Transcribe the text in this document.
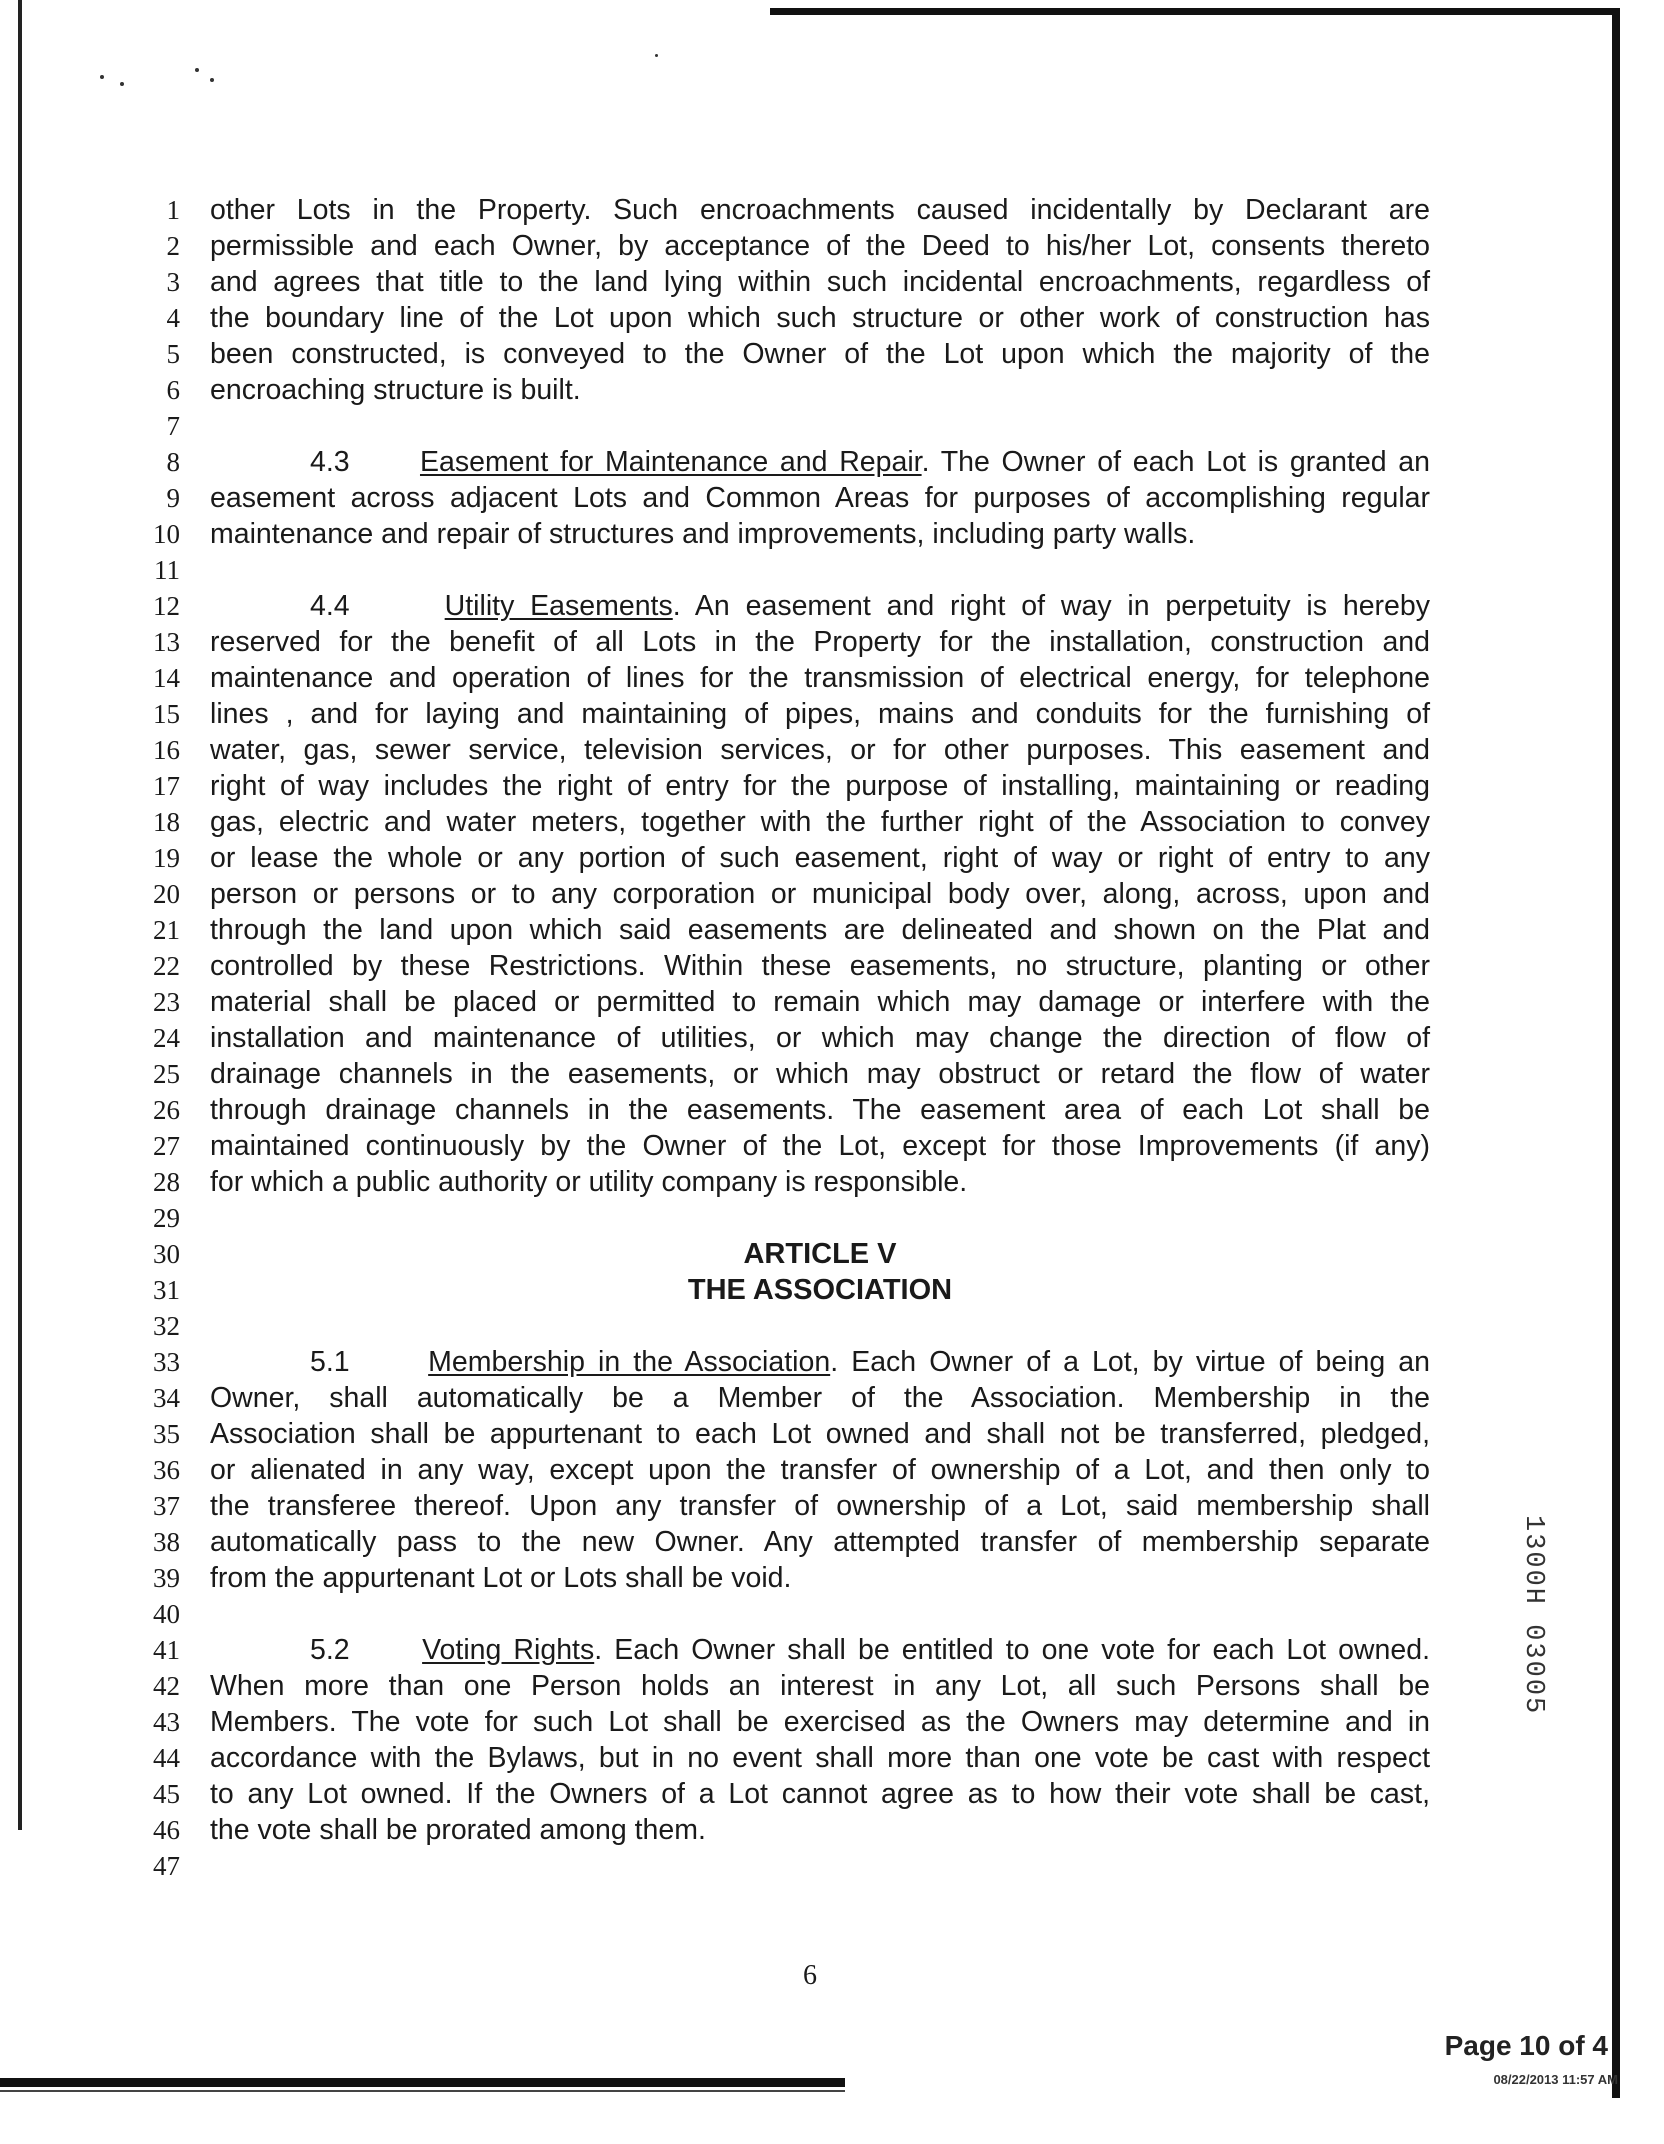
1
2
3
4
5
6
7
8
9
10
11
12
13
14
15
16
17
18
19
20
21
22
23
24
25
26
27
28
29
30
31
32
33
34
35
36
37
38
39
40
41
42
43
44
45
46
47
other Lots in the Property. Such encroachments caused incidentally by Declarant are
permissible and each Owner, by acceptance of the Deed to his/her Lot, consents thereto
and agrees that title to the land lying within such incidental encroachments, regardless of
the boundary line of the Lot upon which such structure or other work of construction has
been constructed, is conveyed to the Owner of the Lot upon which the majority of the
encroaching structure is built.
4.3 Easement for Maintenance and Repair. The Owner of each Lot is granted an
easement across adjacent Lots and Common Areas for purposes of accomplishing regular
maintenance and repair of structures and improvements, including party walls.
4.4	Utility Easements. An easement and right of way in perpetuity is hereby
reserved for the benefit of all Lots in the Property for the installation, construction and
maintenance and operation of lines for the transmission of electrical energy, for telephone
lines , and for laying and maintaining of pipes, mains and conduits for the furnishing of
water, gas, sewer service, television services, or for other purposes. This easement and
right of way includes the right of entry for the purpose of installing, maintaining or reading
gas, electric and water meters, together with the further right of the Association to convey
or lease the whole or any portion of such easement, right of way or right of entry to any
person or persons or to any corporation or municipal body over, along, across, upon and
through the land upon which said easements are delineated and shown on the Plat and
controlled by these Restrictions. Within these easements, no structure, planting or other
material shall be placed or permitted to remain which may damage or interfere with the
installation and maintenance of utilities, or which may change the direction of flow of
drainage channels in the easements, or which may obstruct or retard the flow of water
through drainage channels in the easements. The easement area of each Lot shall be
maintained continuously by the Owner of the Lot, except for those Improvements (if any)
for which a public authority or utility company is responsible.
ARTICLE V
THE ASSOCIATION
5.1	Membership in the Association. Each Owner of a Lot, by virtue of being an
Owner, shall automatically be a Member of the Association. Membership in the
Association shall be appurtenant to each Lot owned and shall not be transferred, pledged,
or alienated in any way, except upon the transfer of ownership of a Lot, and then only to
the transferee thereof. Upon any transfer of ownership of a Lot, said membership shall
automatically pass to the new Owner. Any attempted transfer of membership separate
from the appurtenant Lot or Lots shall be void.
5.2	Voting Rights. Each Owner shall be entitled to one vote for each Lot owned.
When more than one Person holds an interest in any Lot, all such Persons shall be
Members. The vote for such Lot shall be exercised as the Owners may determine and in
accordance with the Bylaws, but in no event shall more than one vote be cast with respect
to any Lot owned. If the Owners of a Lot cannot agree as to how their vote shall be cast,
the vote shall be prorated among them.
6
1300H 03005
Page 10 of 4
08/22/2013 11:57 AM
